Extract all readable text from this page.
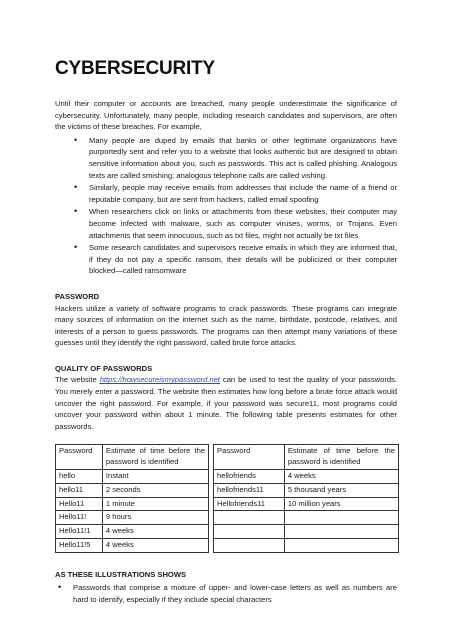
CYBERSECURITY

Until their computer or accounts are breached, many people underestimate the significance of cybersecurity. Unfortunately, many people, including research candidates and supervisors, are often the victims of these breaches. For example,

• Many people are duped by emails that banks or other legitimate organizations have purportedly sent and refer you to a website that looks authentic but are designed to obtain sensitive information about you, such as passwords. This act is called phishing. Analogous texts are called smishing; analogous telephone calls are called vishing.
• Similarly, people may receive emails from addresses that include the name of a friend or reputable company, but are sent from hackers, called email spoofing
• When researchers click on links or attachments from these websites, their computer may become infected with malware, such as computer viruses, worms, or Trojans. Even attachments that seem innocuous, such as txt files, might not actually be txt files
• Some research candidates and supervisors receive emails in which they are informed that, if they do not pay a specific ransom, their details will be publicized or their computer blocked—called ransomware
PASSWORD

Hackers utilize a variety of software programs to crack passwords. These programs can integrate many sources of information on the internet such as the name, birthdate, postcode, relatives, and interests of a person to guess passwords. The programs can then attempt many variations of these guesses until they identify the right password, called brute force attacks.

QUALITY OF PASSWORDS

The website https://howsecureismypassword.net can be used to test the quality of your passwords. You merely enter a password. The website then estimates how long before a brute force attack would uncover the right password. For example, if your password was secure11, most programs could uncover your password within about 1 minute. The following table presents estimates for other passwords.

Password	Estimate of time before the password is identified		Password	Estimate of time before the password is identified
hello	Instant		hellofriends	4 weeks
hello11	2 seconds		hellofriends11	5 thousand years
Hello11	1 minute		Hellofriends11	10 million years
Hello11!	9 hours			
Hello11!1	4 weeks			
Hello11!5	4 weeks			
AS THESE ILLUSTRATIONS SHOWS
• Passwords that comprise a mixture of upper- and lower-case letters as well as numbers are hard to identify, especially if they include special characters
